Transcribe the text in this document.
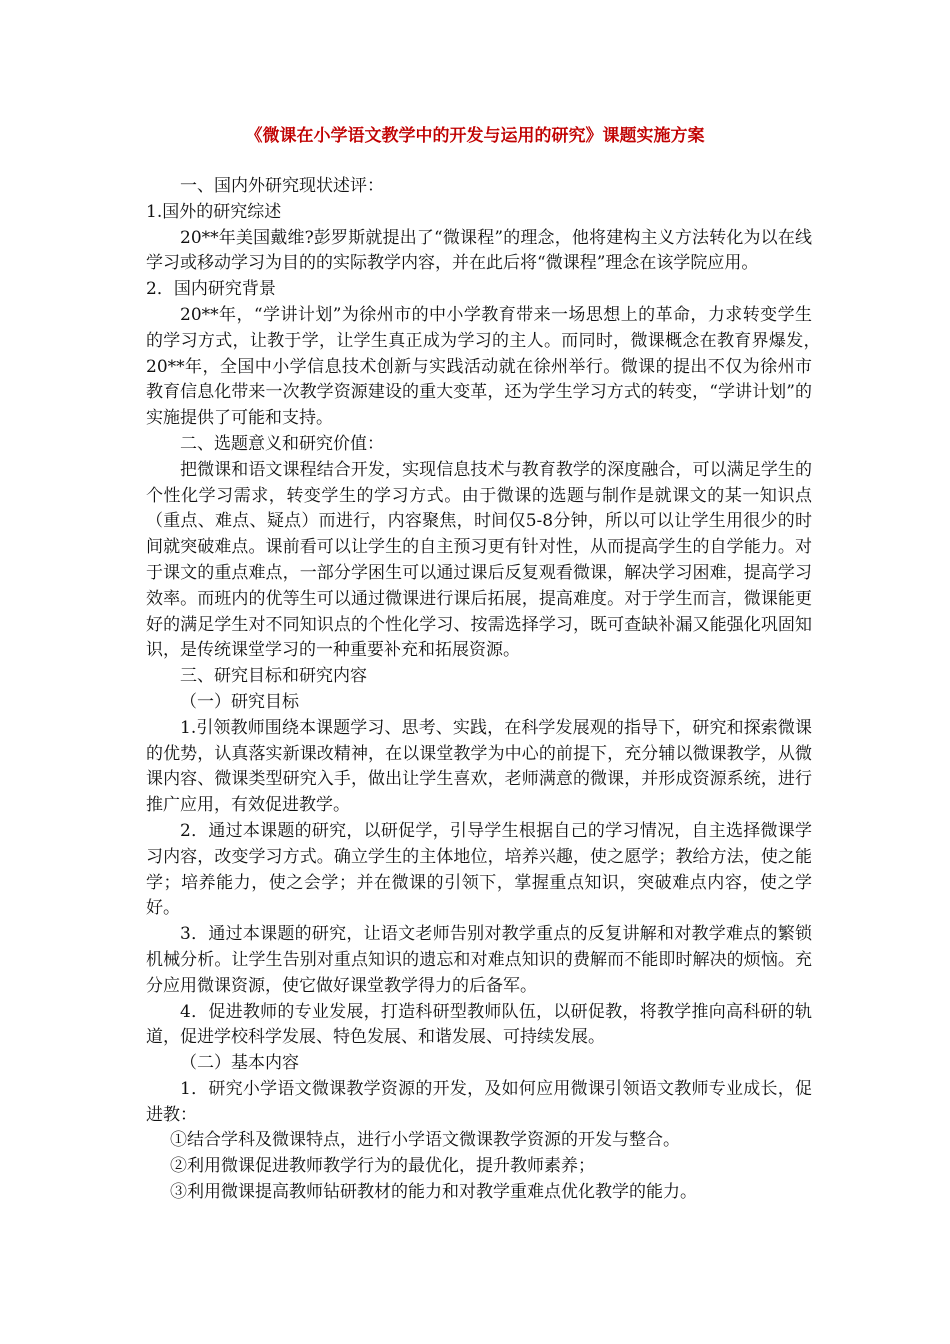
《微课在小学语文教学中的开发与运用的研究》课题实施方案

一、国内外研究现状述评：

1.国外的研究综述

20**年美国戴维?彭罗斯就提出了“微课程”的理念，他将建构主义方法转化为以在线学习或移动学习为目的的实际教学内容，并在此后将“微课程”理念在该学院应用。

2．国内研究背景

20**年，“学讲计划”为徐州市的中小学教育带来一场思想上的革命，力求转变学生的学习方式，让教于学，让学生真正成为学习的主人。而同时，微课概念在教育界爆发，　20**年，全国中小学信息技术创新与实践活动就在徐州举行。微课的提出不仅为徐州市教育信息化带来一次教学资源建设的重大变革，还为学生学习方式的转变，“学讲计划”的实施提供了可能和支持。

二、选题意义和研究价值：

把微课和语文课程结合开发，实现信息技术与教育教学的深度融合，可以满足学生的个性化学习需求，转变学生的学习方式。由于微课的选题与制作是就课文的某一知识点（重点、难点、疑点）而进行，内容聚焦，时间仅5-8分钟，所以可以让学生用很少的时间就突破难点。课前看可以让学生的自主预习更有针对性，从而提高学生的自学能力。对于课文的重点难点，一部分学困生可以通过课后反复观看微课，解决学习困难，提高学习效率。而班内的优等生可以通过微课进行课后拓展，提高难度。对于学生而言，微课能更好的满足学生对不同知识点的个性化学习、按需选择学习，既可查缺补漏又能强化巩固知识，是传统课堂学习的一种重要补充和拓展资源。

三、研究目标和研究内容

（一）研究目标

1.引领教师围绕本课题学习、思考、实践，在科学发展观的指导下，研究和探索微课的优势，认真落实新课改精神，在以课堂教学为中心的前提下，充分辅以微课教学，从微课内容、微课类型研究入手，做出让学生喜欢，老师满意的微课，并形成资源系统，进行推广应用，有效促进教学。

2．通过本课题的研究，以研促学，引导学生根据自己的学习情况，自主选择微课学习内容，改变学习方式。确立学生的主体地位，培养兴趣，使之愿学；教给方法，使之能学；培养能力，使之会学；并在微课的引领下，掌握重点知识，突破难点内容，使之学好。

3．通过本课题的研究，让语文老师告别对教学重点的反复讲解和对教学难点的繁锁机械分析。让学生告别对重点知识的遗忘和对难点知识的费解而不能即时解决的烦恼。充分应用微课资源，使它做好课堂教学得力的后备军。

4．促进教师的专业发展，打造科研型教师队伍，以研促教，将教学推向高科研的轨道，促进学校科学发展、特色发展、和谐发展、可持续发展。

（二）基本内容

1．研究小学语文微课教学资源的开发，及如何应用微课引领语文教师专业成长，促进教：

①结合学科及微课特点，进行小学语文微课教学资源的开发与整合。

②利用微课促进教师教学行为的最优化，提升教师素养；

③利用微课提高教师钻研教材的能力和对教学重难点优化教学的能力。
